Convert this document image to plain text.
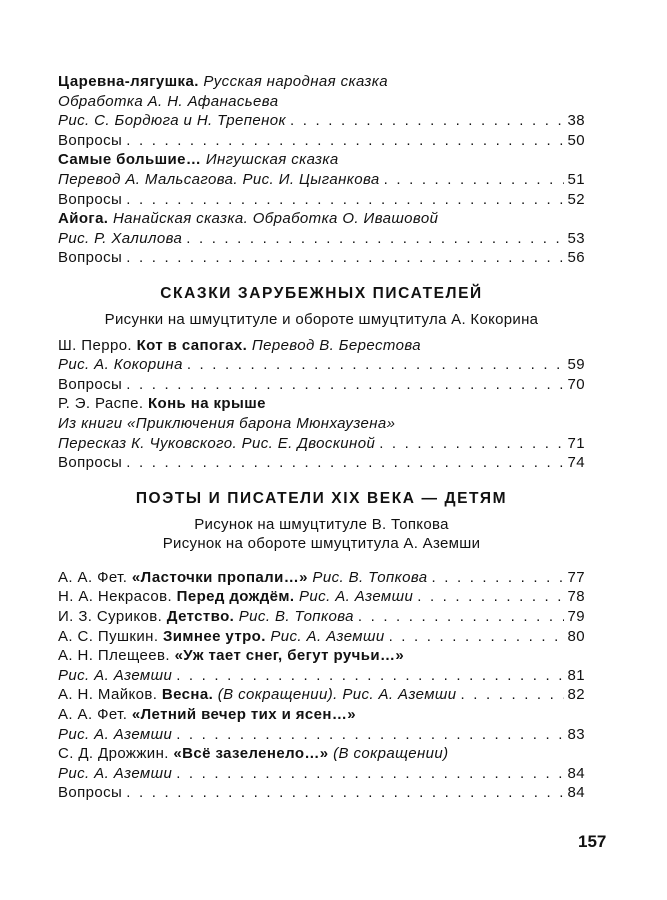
Царевна-лягушка.
Русская народная сказка
Обработка А. Н. Афанасьева
Рис. С. Бордюга и Н. Трепенок . . .	38
Вопросы . . .	50
Самые большие…
Ингушская сказка
Перевод А. Мальсагова. Рис. И. Цыганкова . . .	51
Вопросы . . .	52
Айога.
Нанайская сказка. Обработка О. Ивашовой
Рис. Р. Халилова . . .	53
Вопросы . . .	56
СКАЗКИ ЗАРУБЕЖНЫХ ПИСАТЕЛЕЙ
Рисунки на шмуцтитуле и обороте шмуцтитула А. Кокорина
Ш. Перро.
Кот в сапогах.
Перевод В. Берестова
Рис. А. Кокорина . . .	59
Вопросы . . .	70
Р. Э. Распе.
Конь на крыше
Из книги «Приключения барона Мюнхаузена»
Пересказ К. Чуковского. Рис. Е. Двоскиной . . .	71
Вопросы . . .	74
ПОЭТЫ И ПИСАТЕЛИ XIX ВЕКА — ДЕТЯМ
Рисунок на шмуцтитуле В. Топкова
Рисунок на обороте шмуцтитула А. Аземши
А. А. Фет.
«Ласточки пропали…»
Рис. В. Топкова . . .	77
Н. А. Некрасов.
Перед дождём.
Рис. А. Аземши . . .	78
И. З. Суриков.
Детство.
Рис. В. Топкова . . .	79
А. С. Пушкин.
Зимнее утро.
Рис. А. Аземши . . .	80
А. Н. Плещеев.
«Уж тает снег, бегут ручьи…»
Рис. А. Аземши . . .	81
А. Н. Майков.
Весна.
(В сокращении). Рис. А. Аземши . . .	82
А. А. Фет.
«Летний вечер тих и ясен…»
Рис. А. Аземши . . .	83
С. Д. Дрожжин.
«Всё зазеленело…»
(В сокращении)
Рис. А. Аземши . . .	84
Вопросы . . .	84
157
